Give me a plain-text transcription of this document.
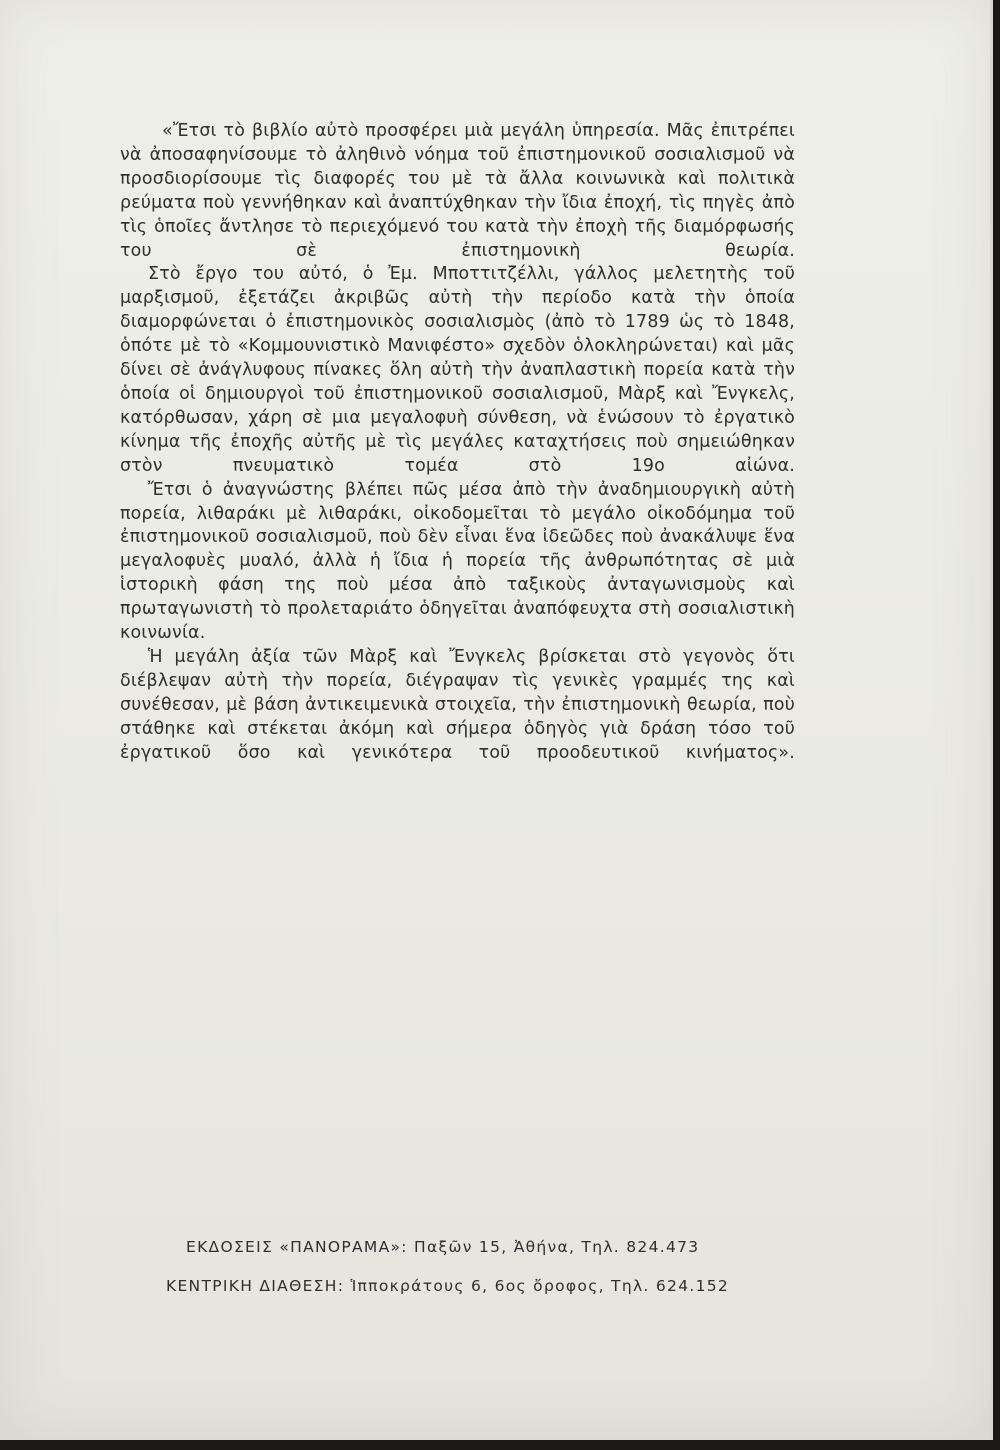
«Ἔτσι τὸ βιβλίο αὐτὸ προσφέρει μιὰ μεγάλη ὑπηρεσία. Μᾶς ἐπιτρέπει νὰ ἀποσαφηνίσουμε τὸ ἀληθινὸ νόημα τοῦ ἐπιστημονικοῦ σοσιαλισμοῦ νὰ προσδιορίσουμε τὶς διαφορές του μὲ τὰ ἄλλα κοινωνικὰ καὶ πολιτικὰ ρεύματα ποὺ γεννήθηκαν καὶ ἀναπτύχθηκαν τὴν ἴδια ἐποχή, τὶς πηγὲς ἀπὸ τὶς ὁποῖες ἄντλησε τὸ περιεχόμενό του κατὰ τὴν ἐποχὴ τῆς διαμόρφωσής του σὲ ἐπιστημονικὴ θεωρία.

Στὸ ἔργο του αὐτό, ὁ Ἐμ. Μποττιτζέλλι, γάλλος μελετητὴς τοῦ μαρξισμοῦ, ἐξετάζει ἀκριβῶς αὐτὴ τὴν περίοδο κατὰ τὴν ὁποία διαμορφώνεται ὁ ἐπιστημονικὸς σοσιαλισμὸς (ἀπὸ τὸ 1789 ὡς τὸ 1848, ὁπότε μὲ τὸ «Κομμουνιστικὸ Μανιφέστο» σχεδὸν ὁλοκληρώνεται) καὶ μᾶς δίνει σὲ ἀνάγλυφους πίνακες ὅλη αὐτὴ τὴν ἀναπλαστικὴ πορεία κατὰ τὴν ὁποία οἱ δημιουργοὶ τοῦ ἐπιστημονικοῦ σοσιαλισμοῦ, Μὰρξ καὶ Ἔνγκελς, κατόρθωσαν, χάρη σὲ μια μεγαλοφυὴ σύνθεση, νὰ ἑνώσουν τὸ ἐργατικὸ κίνημα τῆς ἐποχῆς αὐτῆς μὲ τὶς μεγάλες καταχτήσεις ποὺ σημειώθηκαν στὸν πνευματικὸ τομέα στὸ 19ο αἰώνα.

Ἔτσι ὁ ἀναγνώστης βλέπει πῶς μέσα ἀπὸ τὴν ἀναδημιουργικὴ αὐτὴ πορεία, λιθαράκι μὲ λιθαράκι, οἰκοδομεῖται τὸ μεγάλο οἰκοδόμημα τοῦ ἐπιστημονικοῦ σοσιαλισμοῦ, ποὺ δὲν εἶναι ἕνα ἰδεῶδες ποὺ ἀνακάλυψε ἕνα μεγαλοφυὲς μυαλό, ἀλλὰ ἡ ἴδια ἡ πορεία τῆς ἀνθρωπότητας σὲ μιὰ ἱστορικὴ φάση της ποὺ μέσα ἀπὸ ταξικοὺς ἀνταγωνισμοὺς καὶ πρωταγωνιστὴ τὸ προλεταριάτο ὁδηγεῖται ἀναπόφευχτα στὴ σοσιαλιστικὴ κοινωνία.

Ἡ μεγάλη ἀξία τῶν Μὰρξ καὶ Ἔνγκελς βρίσκεται στὸ γεγονὸς ὅτι διέβλεψαν αὐτὴ τὴν πορεία, διέγραψαν τὶς γενικὲς γραμμές της καὶ συνέθεσαν, μὲ βάση ἀντικειμενικὰ στοιχεῖα, τὴν ἐπιστημονικὴ θεωρία, ποὺ στάθηκε καὶ στέκεται ἀκόμη καὶ σήμερα ὁδηγὸς γιὰ δράση τόσο τοῦ ἐργατικοῦ ὅσο καὶ γενικότερα τοῦ προοδευτικοῦ κινήματος».

ΕΚΔΟΣΕΙΣ «ΠΑΝΟΡΑΜΑ»: Παξῶν 15, Ἀθήνα, Τηλ. 824.473
ΚΕΝΤΡΙΚΗ ΔΙΑΘΕΣΗ: Ἱπποκράτους 6, 6ος ὄροφος, Τηλ. 624.152
